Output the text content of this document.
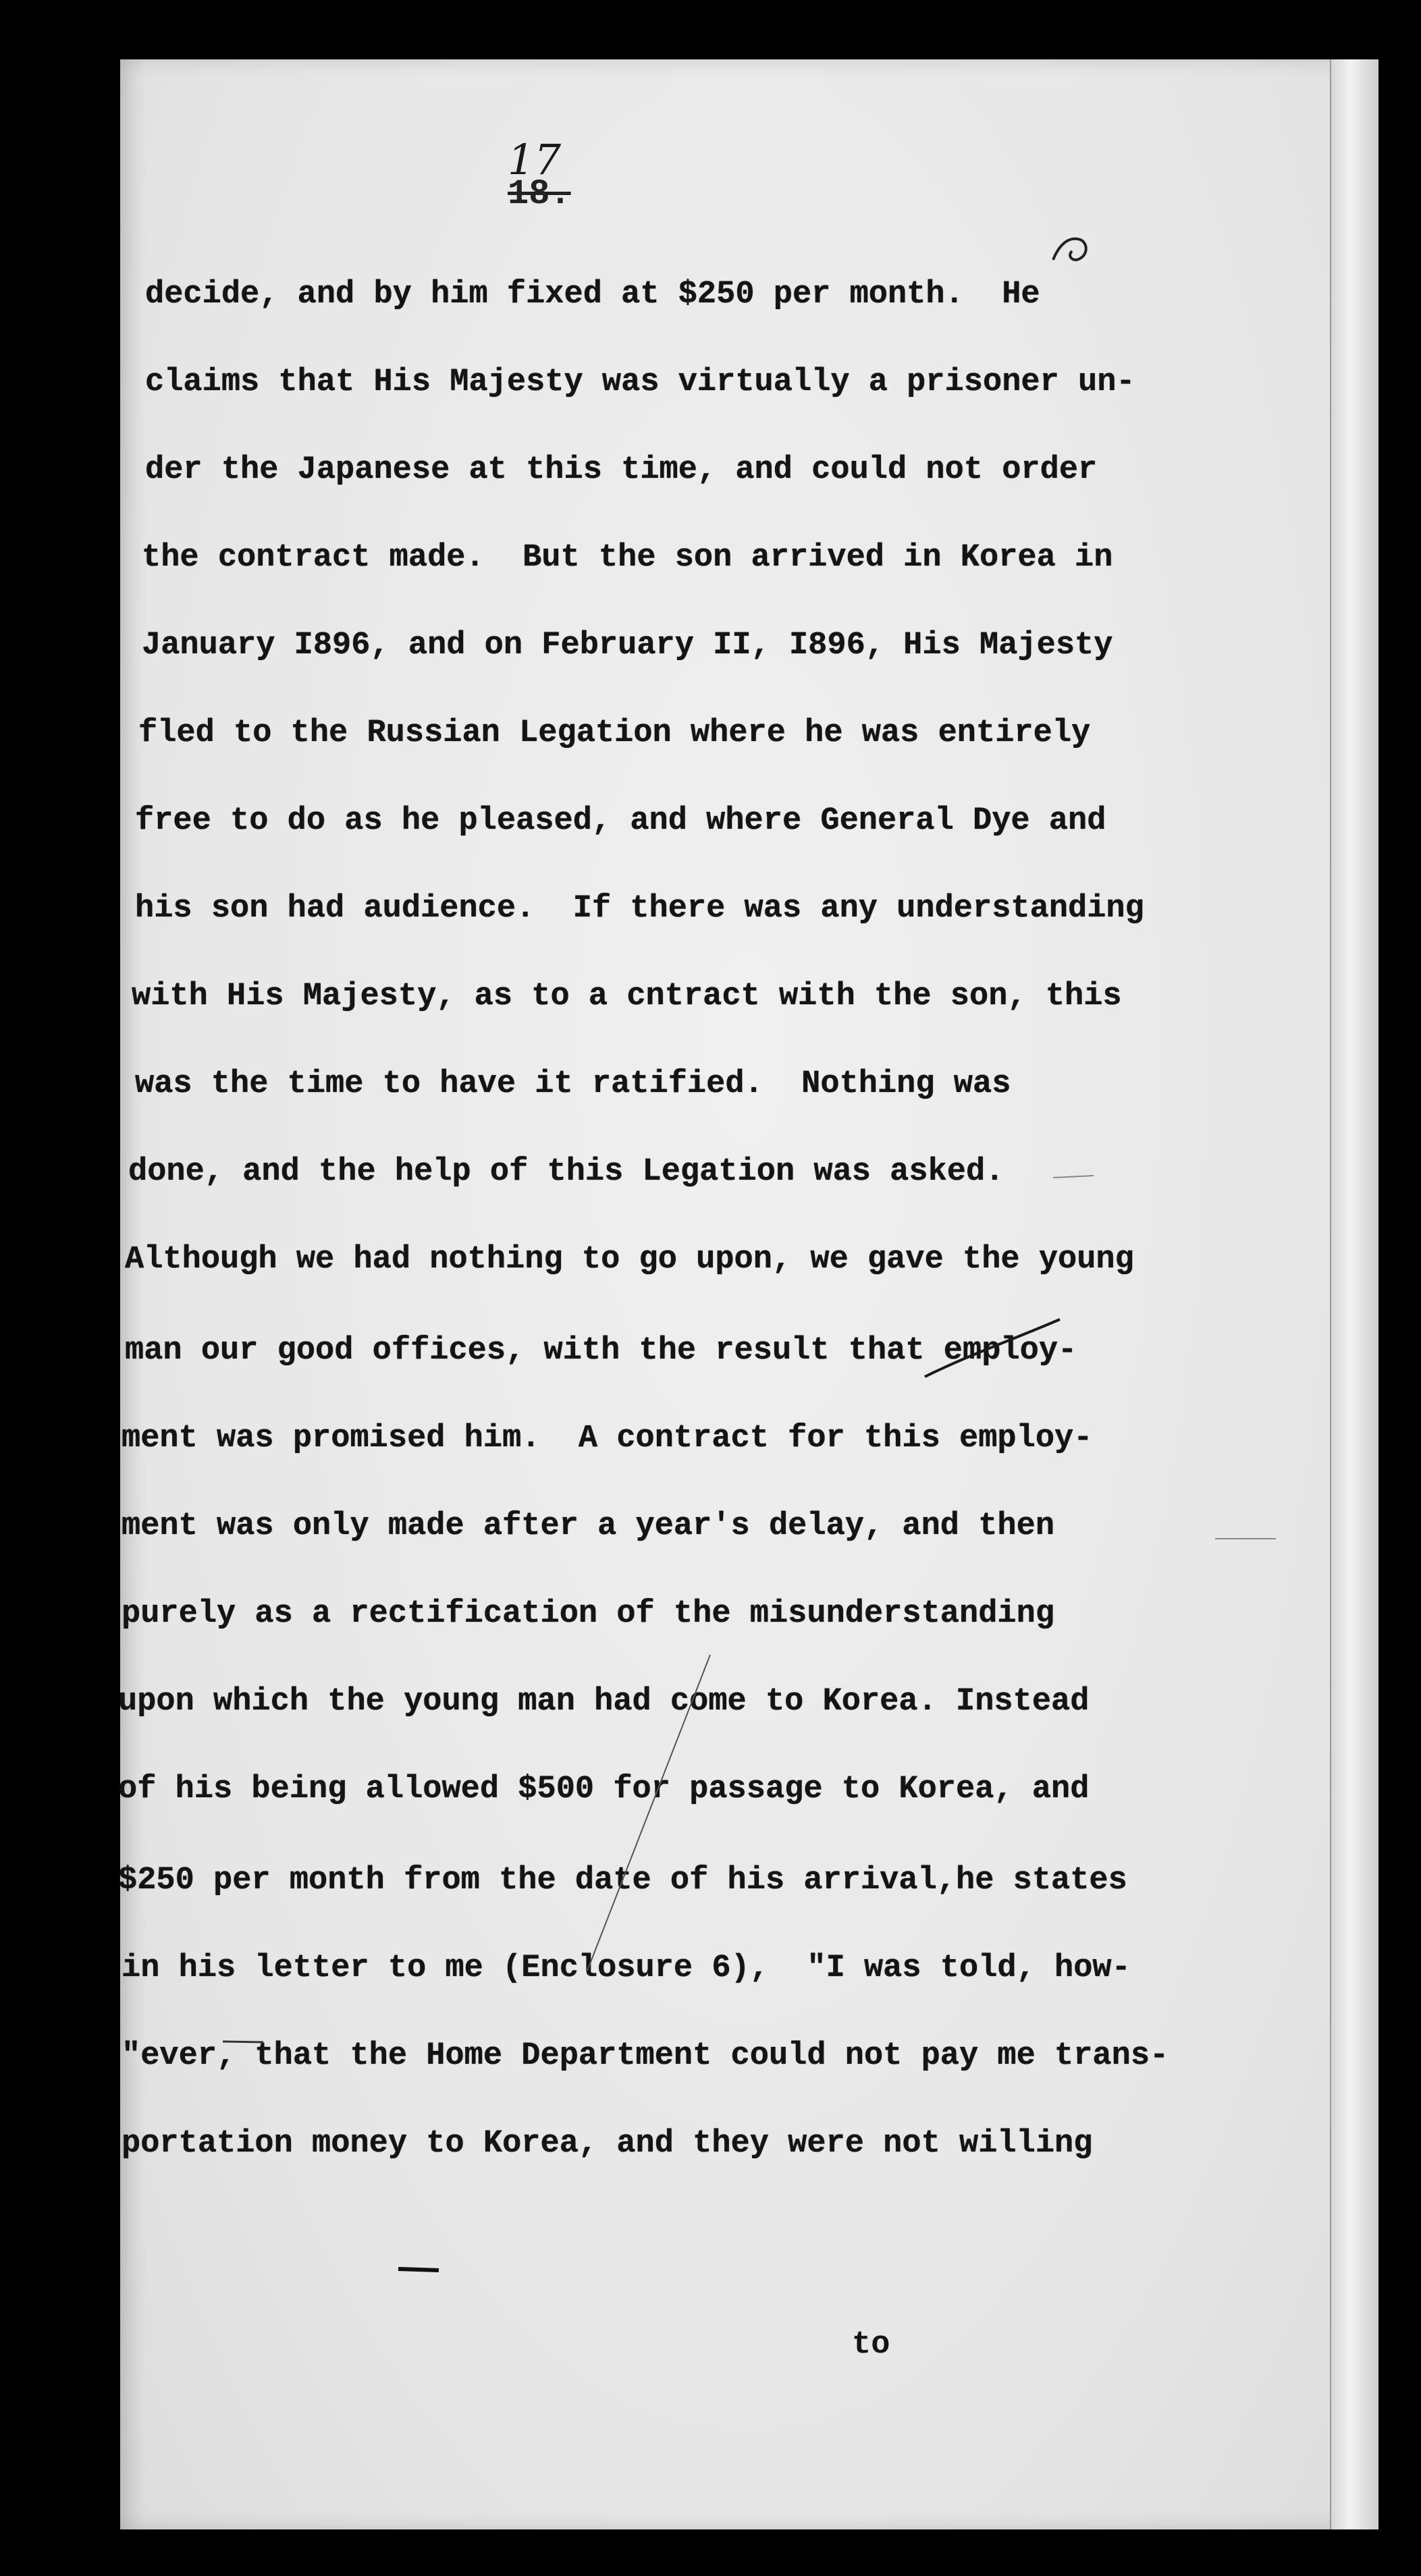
17
18.
decide, and by him fixed at $250 per month.  He
claims that His Majesty was virtually a prisoner un-
der the Japanese at this time, and could not order
the contract made.  But the son arrived in Korea in
January I896, and on February II, I896, His Majesty
fled to the Russian Legation where he was entirely
free to do as he pleased, and where General Dye and
his son had audience.  If there was any understanding
with His Majesty, as to a cntract with the son, this
was the time to have it ratified.  Nothing was
done, and the help of this Legation was asked.
Although we had nothing to go upon, we gave the young
man our good offices, with the result that employ-
ment was promised him.  A contract for this employ-
ment was only made after a year's delay, and then
purely as a rectification of the misunderstanding
upon which the young man had come to Korea. Instead
of his being allowed $500 for passage to Korea, and
$250 per month from the date of his arrival,he states
in his letter to me (Enclosure 6),  "I was told, how-
"ever, that the Home Department could not pay me trans-
portation money to Korea, and they were not willing
to
